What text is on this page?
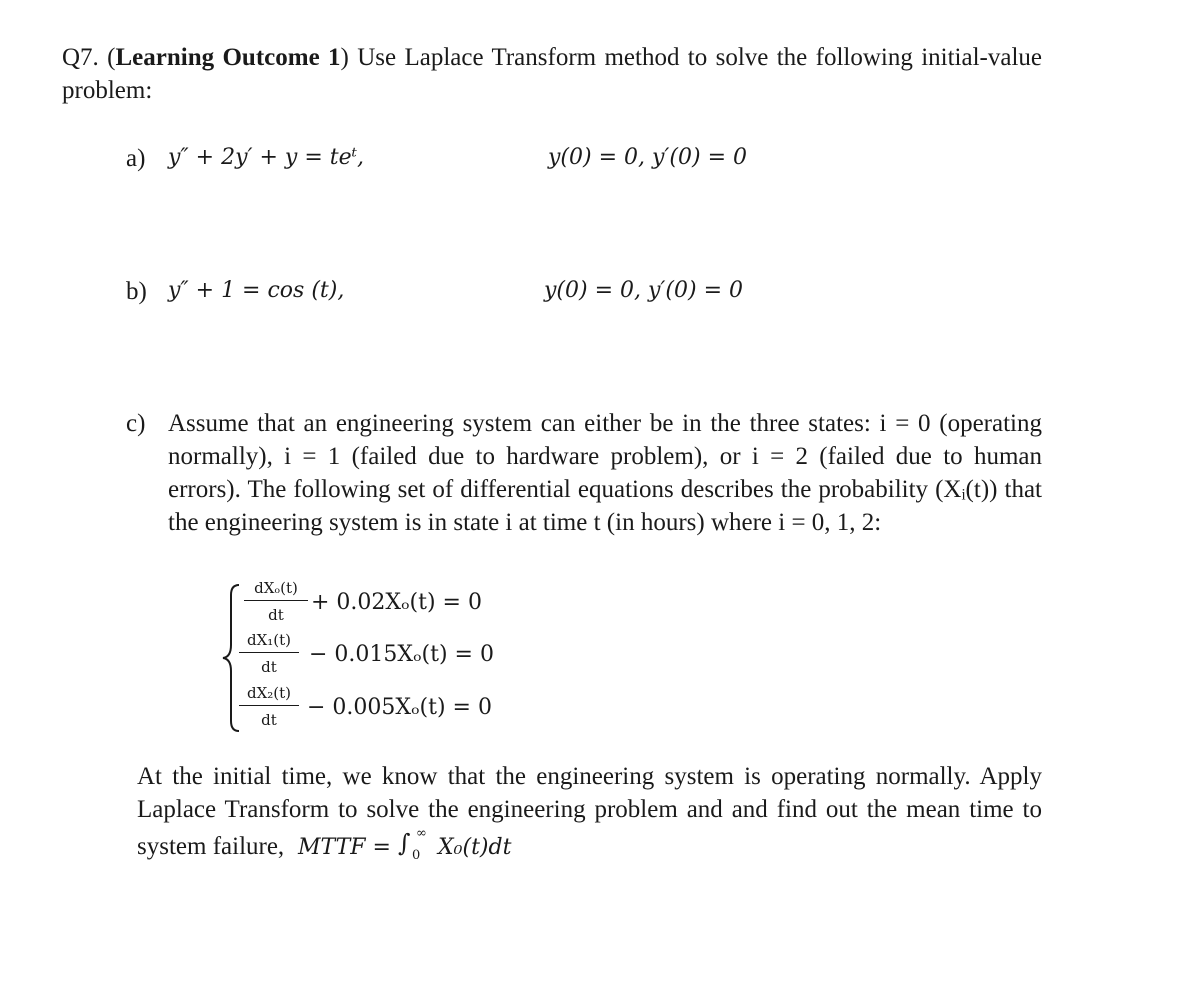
Q7. (Learning Outcome 1) Use Laplace Transform method to solve the following initial-value
problem:
a) y″ + 2y′ + y = teᵗ,	y(0) = 0, y′(0) = 0
b) y″ + 1 = cos (t),	y(0) = 0, y′(0) = 0
c) Assume that an engineering system can either be in the three states: i = 0 (operating
normally), i = 1 (failed due to hardware problem), or i = 2 (failed due to human
errors). The following set of differential equations describes the probability (Xᵢ(t)) that
the engineering system is in state i at time t (in hours) where i = 0, 1, 2:
dXₒ(t)
dt	+ 0.02Xₒ(t) = 0
$\frac{\text{dX₁(t)}}{dt} - 0.015X_o(t) = 0$
$\frac{\text{dX₂(t)}}{dt} - 0.005X_o(t) = 0$
At the initial time, we know that the engineering system is operating normally. Apply
Laplace Transform to solve the engineering problem and and find out the mean time to
system failure, MTTF = ∫ ∞
0 X₀(t)dt
